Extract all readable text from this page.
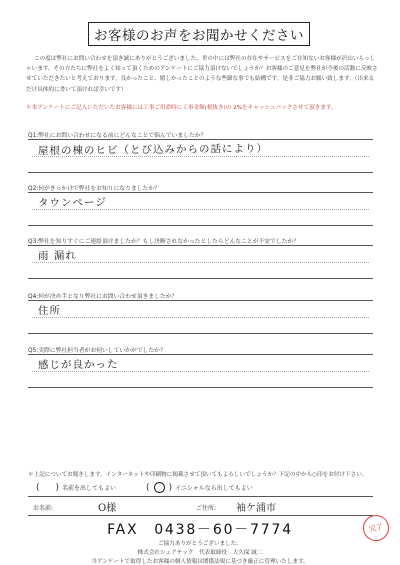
お客様のお声をお聞かせください
この度は弊社にお問い合わせを頂き誠にありがとうございました。世の中には弊社の存在やサービスをご存知ないお客様が沢山いらっしゃいます。その方たちに弊社をよく知って頂くためのアンケートにご協力頂けないでしょうか？お客様のご意見を弊社が今後の活動に反映させていただきたいと考えております。良かったこと、嬉しかったことのような些細な事でも結構です。是非ご協力お願い致します。（出来るだけ具体的に書いて頂ければ幸いです）
＊本アンケートにご記入いただいたお客様には工事ご用命時に工事金額(税抜き)の 2%をキャッシュバックさせて頂きます。
Q1:弊社にお問い合わせになる前にどんなことで悩んでいましたか？
屋根の棟のヒビ（とび込みからの話により）
Q2:何がきっかけで弊社をお知りになりましたか？
タウンページ
Q3:弊社を知りすぐにご連絡頂けましたか？もし決断されなかったとしたらどんなことが不安でしたか？
雨 漏れ
Q4:何が決め手となり弊社にお問い合わせ頂きましたか？
住所
Q5:実際に弊社担当者がお伺いしていかがでしたか？
感じが良かった
＊上記についてお聞きします。インターネットや印刷物に掲載させて頂いてもよろしいでしょうか？下記の中から○印をお付け下さい。
( ) 名前を出してもよい	( ) イニシャルなら出してもよい
お名前:	O様	ご住所: 袖ケ浦市
完了
FAX　0438－60－7774
ご協力ありがとうございました。
株式会社シェアテック　代表取締役　大久保 誠二
当アンケートで取得したお客様の個人情報は関係法規に基づき厳正に管理いたします。
